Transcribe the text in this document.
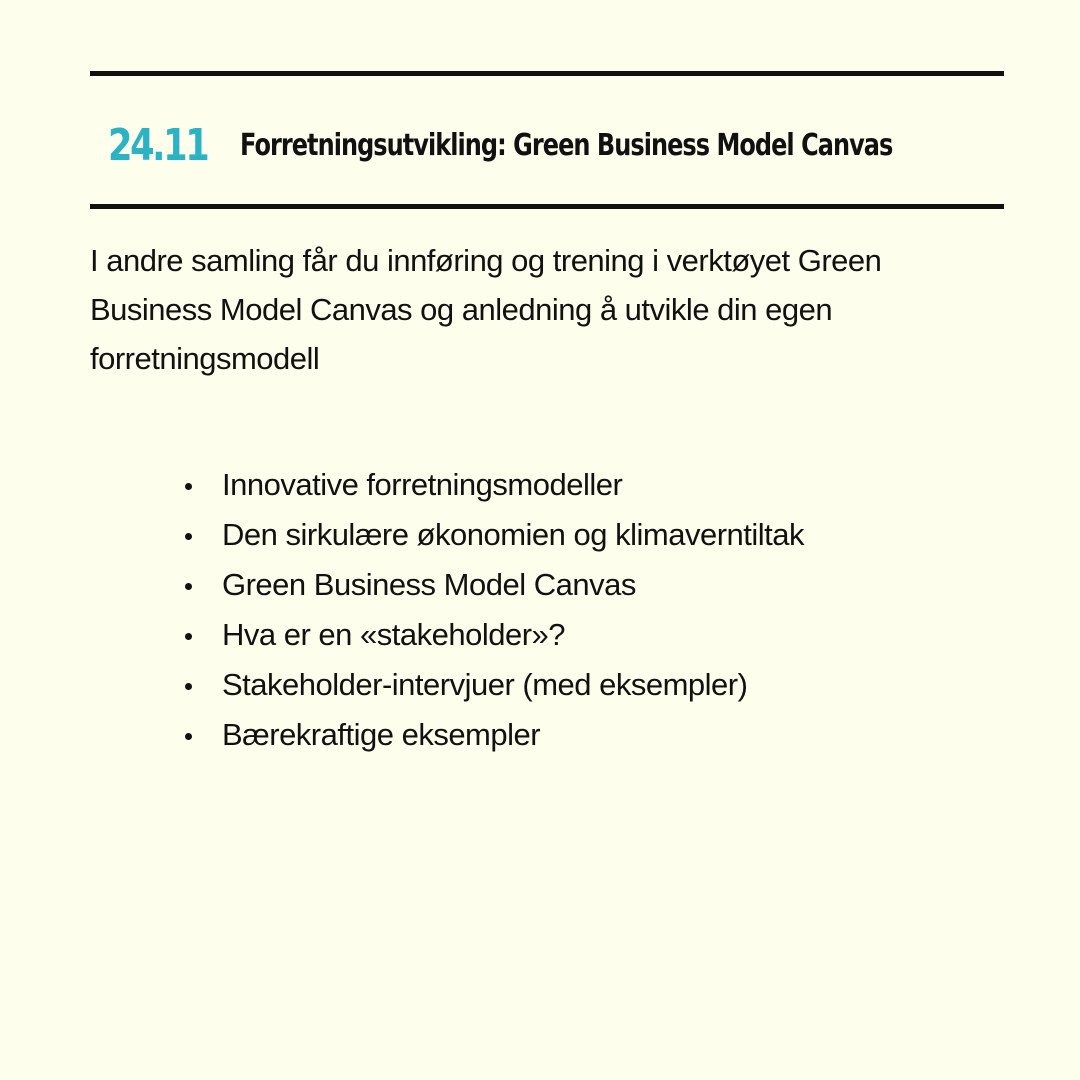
24.11 Forretningsutvikling: Green Business Model Canvas

I andre samling får du innføring og trening i verktøyet Green Business Model Canvas og anledning å utvikle din egen forretningsmodell

Innovative forretningsmodeller
Den sirkulære økonomien og klimaverntiltak
Green Business Model Canvas
Hva er en «stakeholder»?
Stakeholder-intervjuer (med eksempler)
Bærekraftige eksempler
